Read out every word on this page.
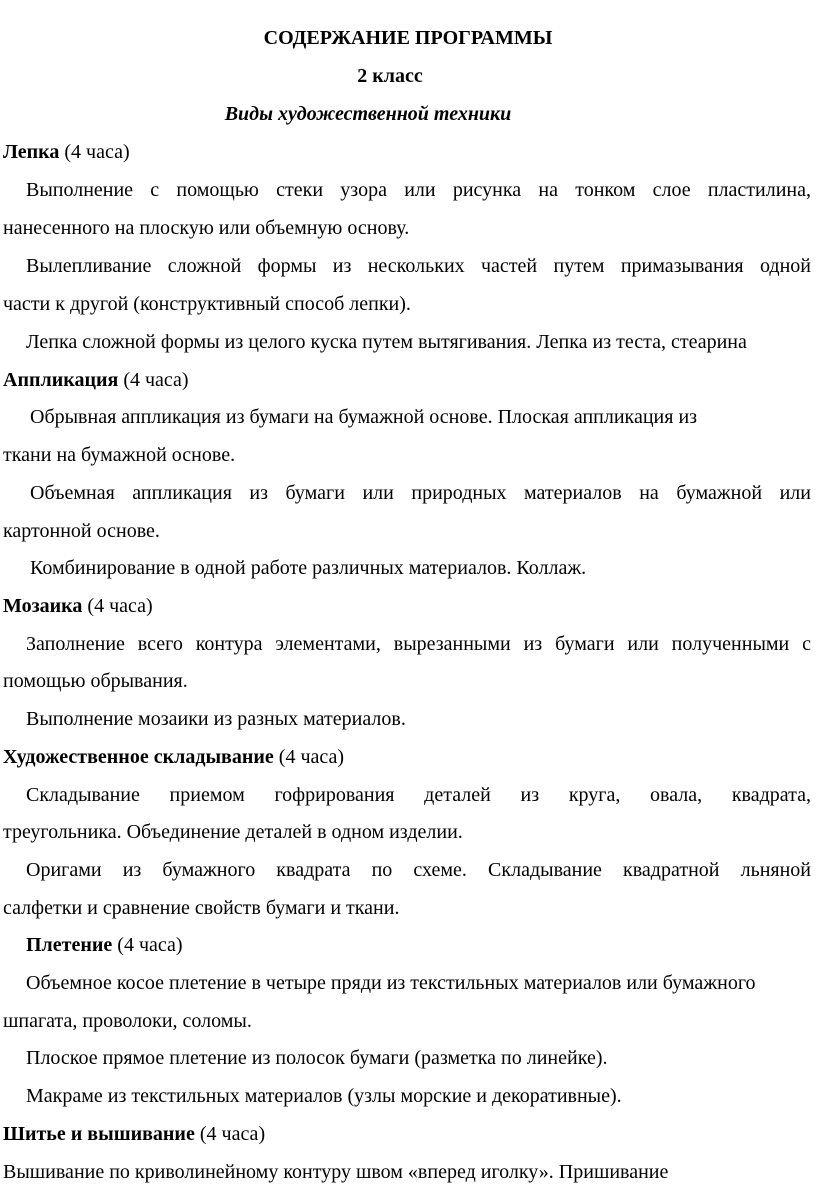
СОДЕРЖАНИЕ ПРОГРАММЫ
2 класс
Виды художественной техники
Лепка (4 часа)
Выполнение с помощью стеки узора или рисунка на тонком слое пластилина,
нанесенного на плоскую или объемную основу.
Вылепливание сложной формы из нескольких частей путем примазывания одной
части к другой (конструктивный способ лепки).
Лепка сложной формы из целого куска путем вытягивания. Лепка из теста, стеарина
Аппликация (4 часа)
Обрывная аппликация из бумаги на бумажной основе. Плоская аппликация из
ткани на бумажной основе.
Объемная аппликация из бумаги или природных материалов на бумажной или
картонной основе.
Комбинирование в одной работе различных материалов. Коллаж.
Мозаика (4 часа)
Заполнение всего контура элементами, вырезанными из бумаги или полученными с
помощью обрывания.
Выполнение мозаики из разных материалов.
Художественное складывание (4 часа)
Складывание приемом гофрирования деталей из круга, овала, квадрата,
треугольника. Объединение деталей в одном изделии.
Оригами из бумажного квадрата по схеме. Складывание квадратной льняной
салфетки и сравнение свойств бумаги и ткани.
Плетение (4 часа)
Объемное косое плетение в четыре пряди из текстильных материалов или бумажного
шпагата, проволоки, соломы.
Плоское прямое плетение из полосок бумаги (разметка по линейке).
Макраме из текстильных материалов (узлы морские и декоративные).
Шитье и вышивание (4 часа)
Вышивание по криволинейному контуру швом «вперед иголку». Пришивание
